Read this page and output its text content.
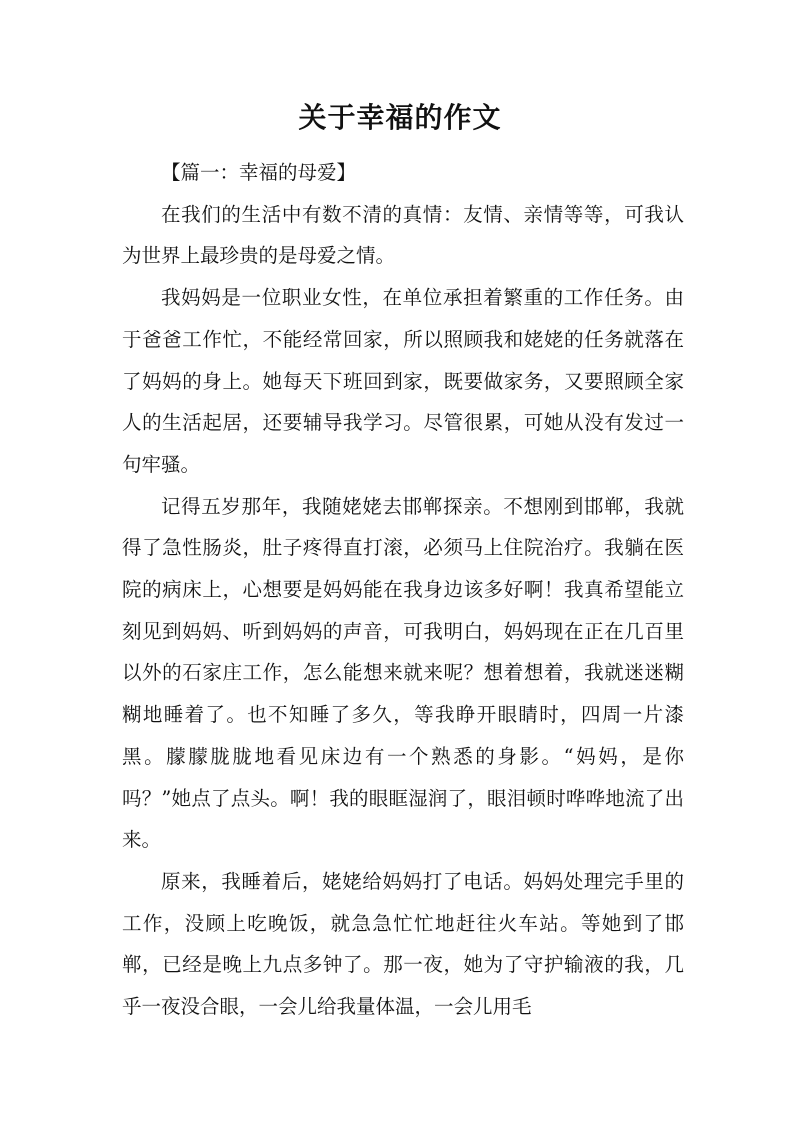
关于幸福的作文

【篇一：幸福的母爱】

在我们的生活中有数不清的真情：友情、亲情等等，可我认为世界上最珍贵的是母爱之情。

我妈妈是一位职业女性，在单位承担着繁重的工作任务。由于爸爸工作忙，不能经常回家，所以照顾我和姥姥的任务就落在了妈妈的身上。她每天下班回到家，既要做家务，又要照顾全家人的生活起居，还要辅导我学习。尽管很累，可她从没有发过一句牢骚。

记得五岁那年，我随姥姥去邯郸探亲。不想刚到邯郸，我就得了急性肠炎，肚子疼得直打滚，必须马上住院治疗。我躺在医院的病床上，心想要是妈妈能在我身边该多好啊！我真希望能立刻见到妈妈、听到妈妈的声音，可我明白，妈妈现在正在几百里以外的石家庄工作，怎么能想来就来呢？想着想着，我就迷迷糊糊地睡着了。也不知睡了多久，等我睁开眼睛时，四周一片漆黑。朦朦胧胧地看见床边有一个熟悉的身影。“妈妈，是你吗？”她点了点头。啊！我的眼眶湿润了，眼泪顿时哗哗地流了出来。

原来，我睡着后，姥姥给妈妈打了电话。妈妈处理完手里的工作，没顾上吃晚饭，就急急忙忙地赶往火车站。等她到了邯郸，已经是晚上九点多钟了。那一夜，她为了守护输液的我，几乎一夜没合眼，一会儿给我量体温，一会儿用毛
